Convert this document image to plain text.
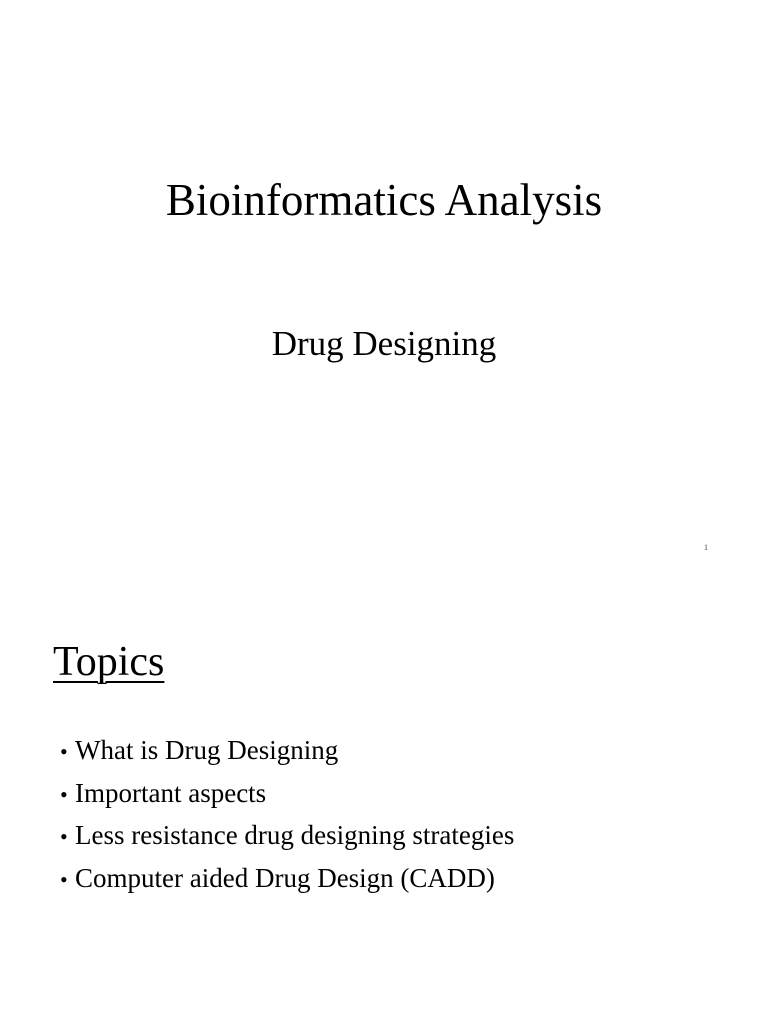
Bioinformatics Analysis
Drug Designing
1
Topics
• What is Drug Designing
• Important aspects
• Less resistance drug designing strategies
• Computer aided Drug Design (CADD)
